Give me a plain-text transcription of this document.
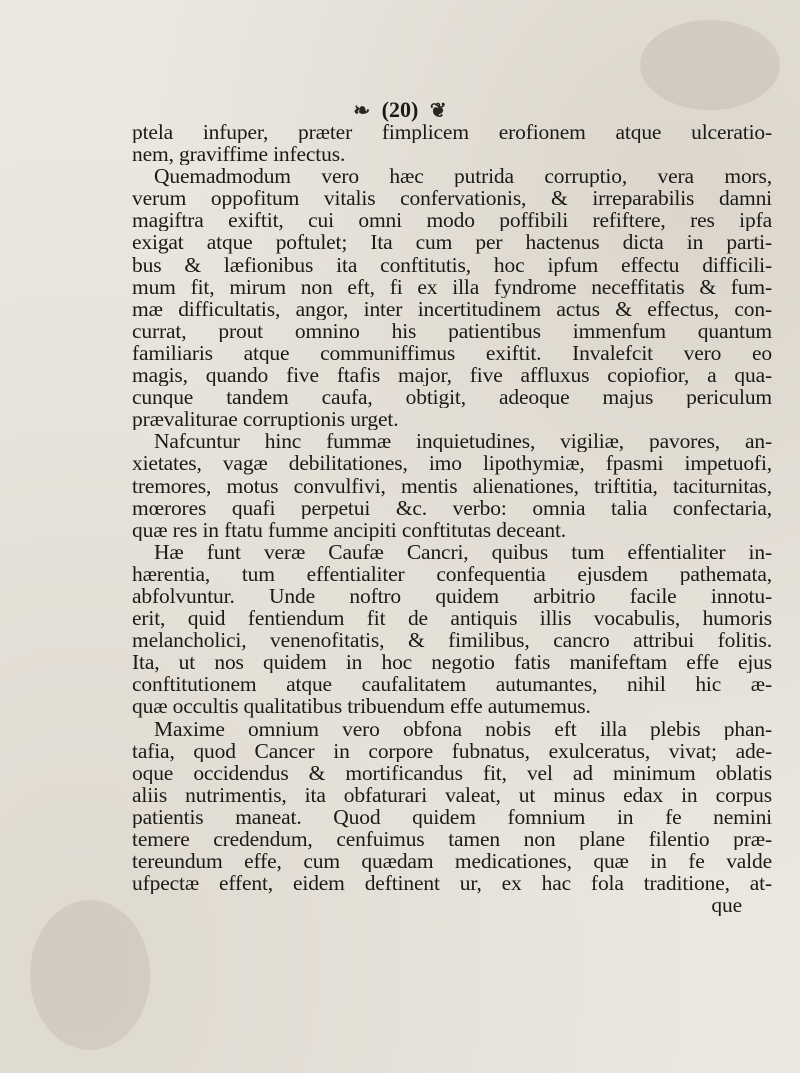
❧ (20) ❦
ptela infuper, præter fimplicem erofionem atque ulceratio-
nem, graviffime infectus.
Quemadmodum vero hæc putrida corruptio, vera mors,
verum oppofitum vitalis confervationis, & irreparabilis damni
magiftra exiftit, cui omni modo poffibili refiftere, res ipfa
exigat atque poftulet; Ita cum per hactenus dicta in parti-
bus & læfionibus ita conftitutis, hoc ipfum effectu difficili-
mum fit, mirum non eft, fi ex illa fyndrome neceffitatis & fum-
mæ difficultatis, angor, inter incertitudinem actus & effectus, con-
currat, prout omnino his patientibus immenfum quantum
familiaris atque communiffimus exiftit. Invalefcit vero eo
magis, quando five ftafis major, five affluxus copiofior, a qua-
cunque tandem caufa, obtigit, adeoque majus periculum
prævaliturae corruptionis urget.
Nafcuntur hinc fummæ inquietudines, vigiliæ, pavores, an-
xietates, vagæ debilitationes, imo lipothymiæ, fpasmi impetuofi,
tremores, motus convulfivi, mentis alienationes, triftitia, taciturnitas,
mœrores quafi perpetui &c. verbo: omnia talia confectaria,
quæ res in ftatu fumme ancipiti conftitutas deceant.
Hæ funt veræ Caufæ Cancri, quibus tum effentialiter in-
hærentia, tum effentialiter confequentia ejusdem pathemata,
abfolvuntur. Unde noftro quidem arbitrio facile innotu-
erit, quid fentiendum fit de antiquis illis vocabulis, humoris
melancholici, venenofitatis, & fimilibus, cancro attribui folitis.
Ita, ut nos quidem in hoc negotio fatis manifeftam effe ejus
conftitutionem atque caufalitatem autumantes, nihil hic æ-
quæ occultis qualitatibus tribuendum effe autumemus.
Maxime omnium vero obfona nobis eft illa plebis phan-
tafia, quod Cancer in corpore fubnatus, exulceratus, vivat; ade-
oque occidendus & mortificandus fit, vel ad minimum oblatis
aliis nutrimentis, ita obfaturari valeat, ut minus edax in corpus
patientis maneat. Quod quidem fomnium in fe nemini
temere credendum, cenfuimus tamen non plane filentio præ-
tereundum effe, cum quædam medicationes, quæ in fe valde
ufpectæ effent, eidem deftinent ur, ex hac fola traditione, at-
que
